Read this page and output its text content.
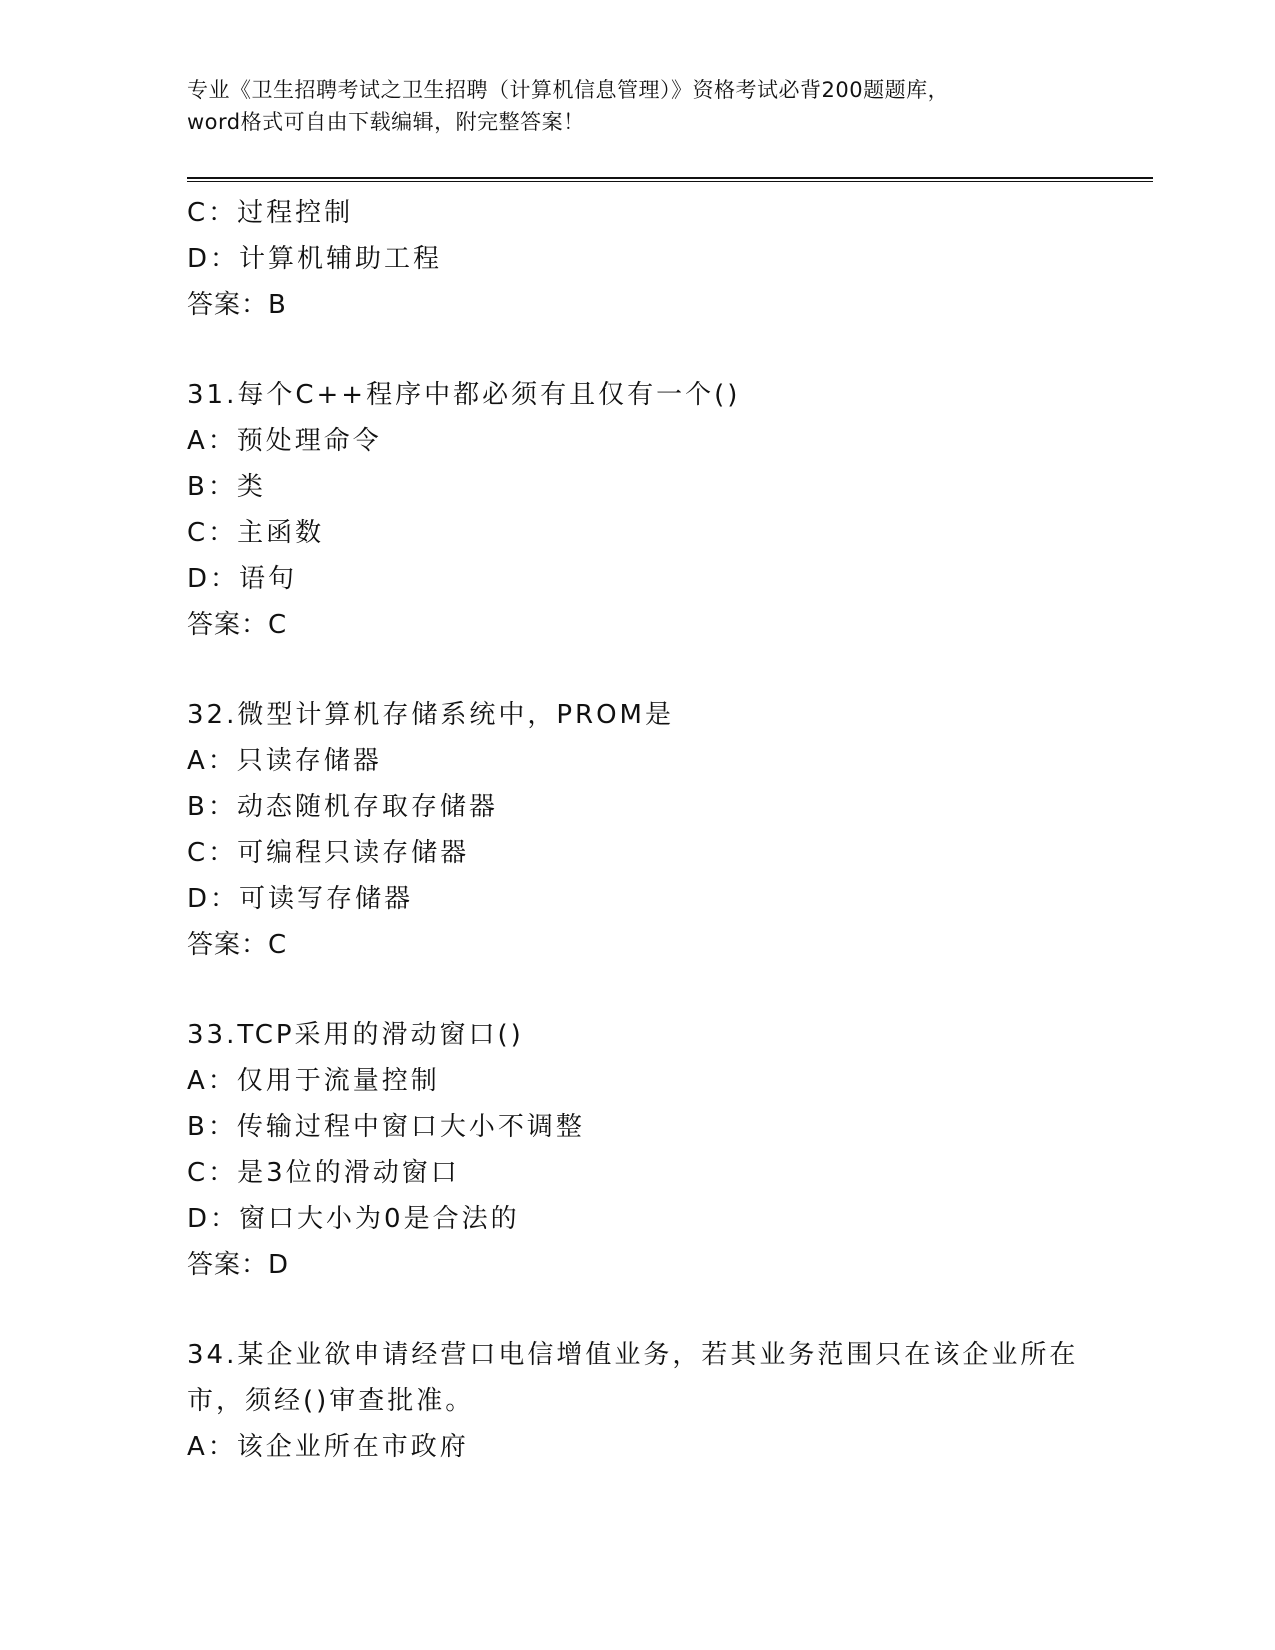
专业《卫生招聘考试之卫生招聘（计算机信息管理）》资格考试必背200题题库，
word格式可自由下载编辑，附完整答案！
C：过程控制
D：计算机辅助工程
答案：B
31.每个C++程序中都必须有且仅有一个()
A：预处理命令
B：类
C：主函数
D：语句
答案：C
32.微型计算机存储系统中，PROM是
A：只读存储器
B：动态随机存取存储器
C：可编程只读存储器
D：可读写存储器
答案：C
33.TCP采用的滑动窗口()
A：仅用于流量控制
B：传输过程中窗口大小不调整
C：是3位的滑动窗口
D：窗口大小为0是合法的
答案：D
34.某企业欲申请经营口电信增值业务，若其业务范围只在该企业所在
市，须经()审查批准。
A：该企业所在市政府
